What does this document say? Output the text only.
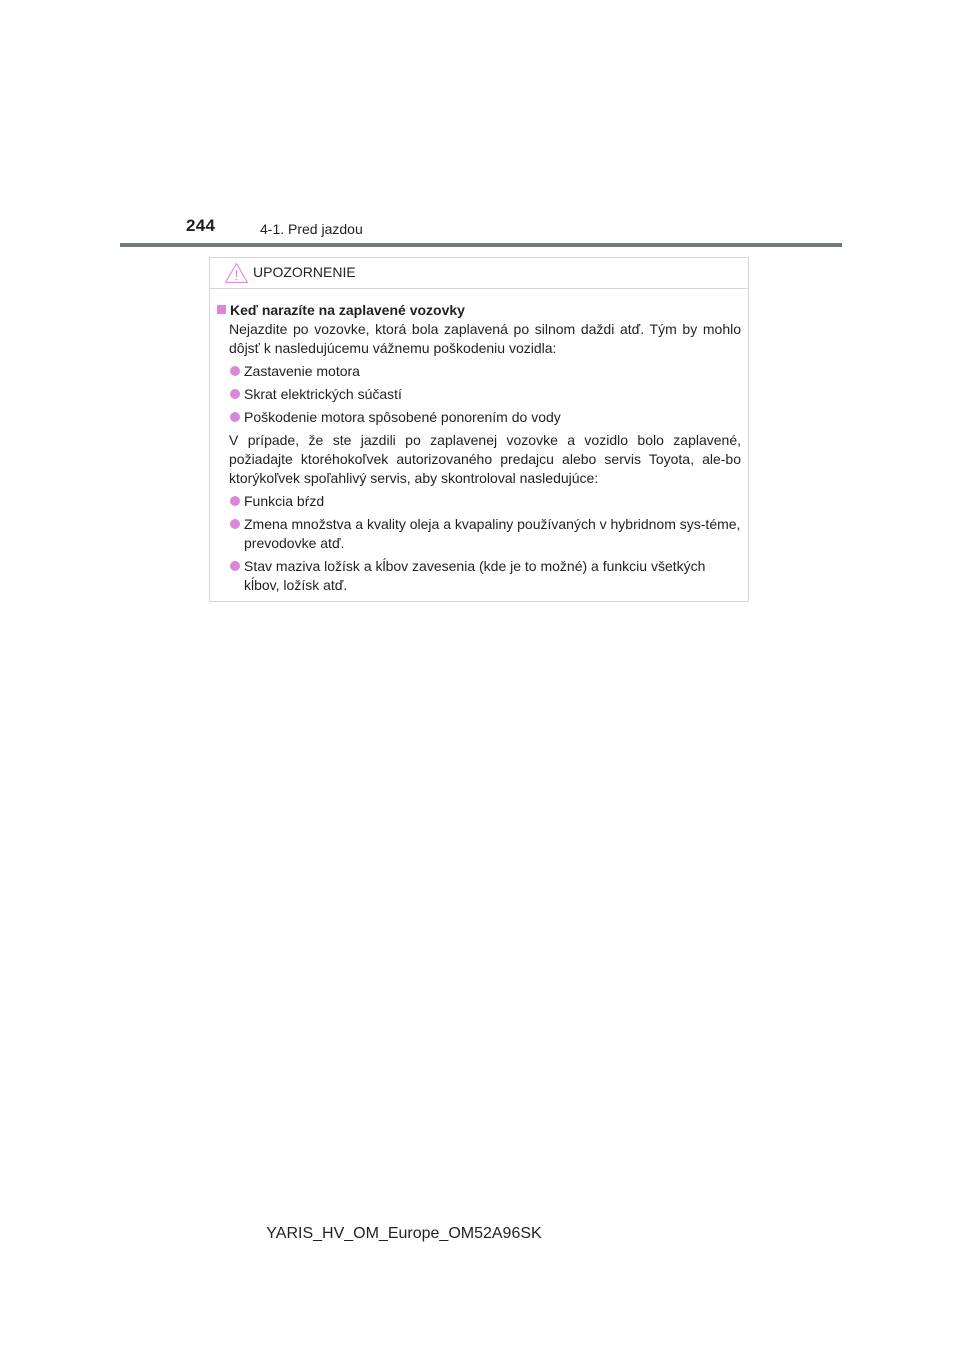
244	4-1. Pred jazdou
UPOZORNENIE
Keď narazíte na zaplavené vozovky
Nejazdite po vozovke, ktorá bola zaplavená po silnom daždi atď. Tým by mohlo dôjsť k nasledujúcemu vážnemu poškodeniu vozidla:
Zastavenie motora
Skrat elektrických súčastí
Poškodenie motora spôsobené ponorením do vody
V prípade, že ste jazdili po zaplavenej vozovke a vozidlo bolo zaplavené, požiadajte ktoréhokoľvek autorizovaného predajcu alebo servis Toyota, ale-bo ktorýkoľvek spoľahlivý servis, aby skontroloval nasledujúce:
Funkcia bŕzd
Zmena množstva a kvality oleja a kvapaliny používaných v hybridnom sys-téme, prevodovke atď.
Stav maziva ložísk a kĺbov zavesenia (kde je to možné) a funkciu všetkých kĺbov, ložísk atď.
YARIS_HV_OM_Europe_OM52A96SK
